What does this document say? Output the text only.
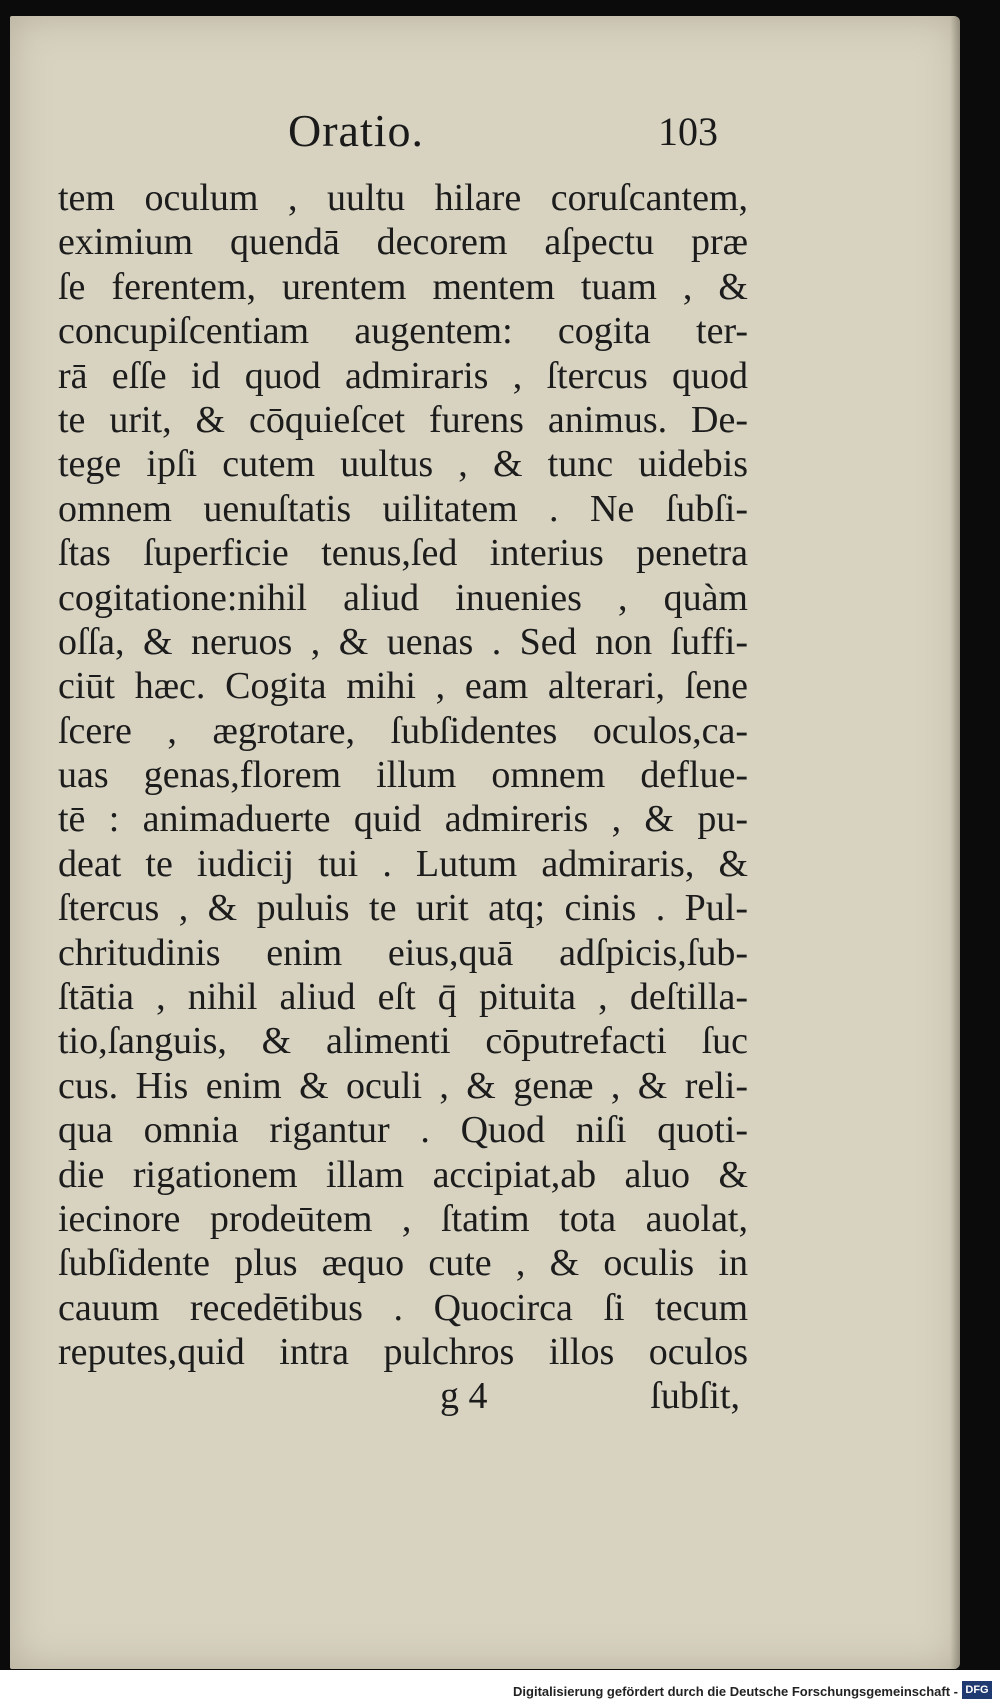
Oratio.	103
tem oculum , uultu hilare coruſcantem,
eximium quendā decorem aſpectu præ
ſe ferentem, urentem mentem tuam , &
concupiſcentiam augentem: cogita ter-
rā eſſe id quod admiraris , ſtercus quod
te urit, & cōquieſcet furens animus. De-
tege ipſi cutem uultus , & tunc uidebis
omnem uenuſtatis uilitatem . Ne ſubſi-
ſtas ſuperficie tenus,ſed interius penetra
cogitatione:nihil aliud inuenies , quàm
oſſa, & neruos , & uenas . Sed non ſuffi-
ciūt hæc. Cogita mihi , eam alterari, ſene
ſcere , ægrotare, ſubſidentes oculos,ca-
uas genas,florem illum omnem deflue-
tē : animaduerte quid admireris , & pu-
deat te iudicij tui . Lutum admiraris, &
ſtercus , & puluis te urit atq; cinis . Pul-
chritudinis enim eius,quā adſpicis,ſub-
ſtātia , nihil aliud eſt q̄ pituita , deſtilla-
tio,ſanguis, & alimenti cōputrefacti ſuc
cus. His enim & oculi , & genæ , & reli-
qua omnia rigantur . Quod niſi quoti-
die rigationem illam accipiat,ab aluo &
iecinore prodeūtem , ſtatim tota auolat,
ſubſidente plus æquo cute , & oculis in
cauum recedētibus . Quocirca ſi tecum
reputes,quid intra pulchros illos oculos
g 4	ſubſit,
Digitalisierung gefördert durch die Deutsche Forschungsgemeinschaft - DFG
